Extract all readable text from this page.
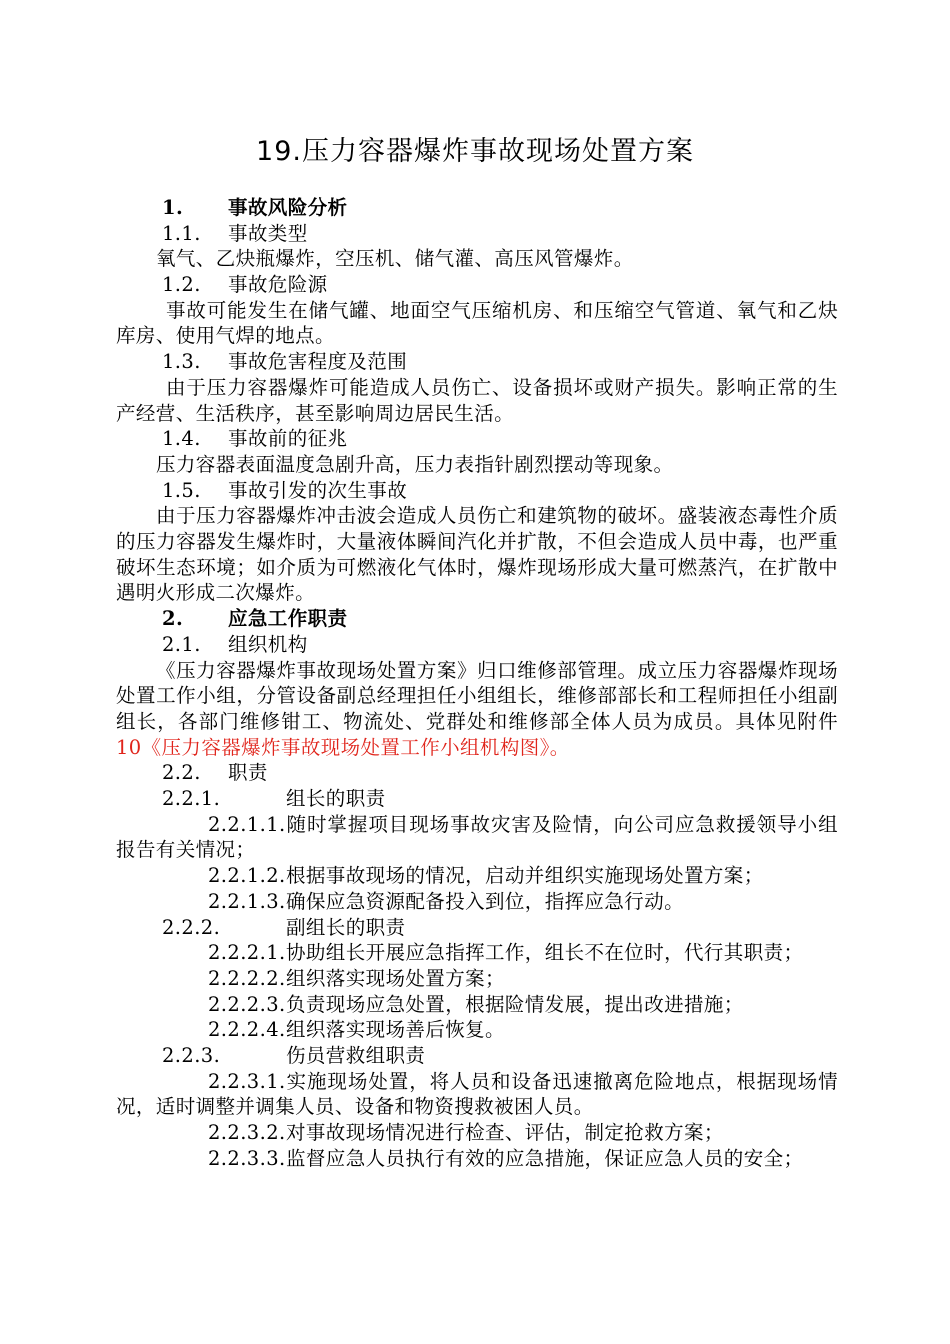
19.压力容器爆炸事故现场处置方案
1. 事故风险分析
1.1. 事故类型
氧气、乙炔瓶爆炸，空压机、储气灌、高压风管爆炸。
1.2. 事故危险源
事故可能发生在储气罐、地面空气压缩机房、和压缩空气管道、氧气和乙炔库房、使用气焊的地点。
1.3. 事故危害程度及范围
由于压力容器爆炸可能造成人员伤亡、设备损坏或财产损失。影响正常的生产经营、生活秩序，甚至影响周边居民生活。
1.4. 事故前的征兆
压力容器表面温度急剧升高，压力表指针剧烈摆动等现象。
1.5. 事故引发的次生事故
由于压力容器爆炸冲击波会造成人员伤亡和建筑物的破坏。盛装液态毒性介质的压力容器发生爆炸时，大量液体瞬间汽化并扩散，不但会造成人员中毒，也严重破坏生态环境；如介质为可燃液化气体时，爆炸现场形成大量可燃蒸汽，在扩散中遇明火形成二次爆炸。
2. 应急工作职责
2.1. 组织机构
《压力容器爆炸事故现场处置方案》归口维修部管理。成立压力容器爆炸现场处置工作小组，分管设备副总经理担任小组组长，维修部部长和工程师担任小组副组长，各部门维修钳工、物流处、党群处和维修部全体人员为成员。具体见附件10《压力容器爆炸事故现场处置工作小组机构图》。
2.2. 职责
2.2.1.	组长的职责
2.2.1.1.随时掌握项目现场事故灾害及险情，向公司应急救援领导小组报告有关情况；
2.2.1.2.根据事故现场的情况，启动并组织实施现场处置方案；
2.2.1.3.确保应急资源配备投入到位，指挥应急行动。
2.2.2.	副组长的职责
2.2.2.1.协助组长开展应急指挥工作，组长不在位时，代行其职责；
2.2.2.2.组织落实现场处置方案；
2.2.2.3.负责现场应急处置，根据险情发展，提出改进措施；
2.2.2.4.组织落实现场善后恢复。
2.2.3.	伤员营救组职责
2.2.3.1.实施现场处置，将人员和设备迅速撤离危险地点，根据现场情况，适时调整并调集人员、设备和物资搜救被困人员。
2.2.3.2.对事故现场情况进行检查、评估，制定抢救方案；
2.2.3.3.监督应急人员执行有效的应急措施，保证应急人员的安全；
